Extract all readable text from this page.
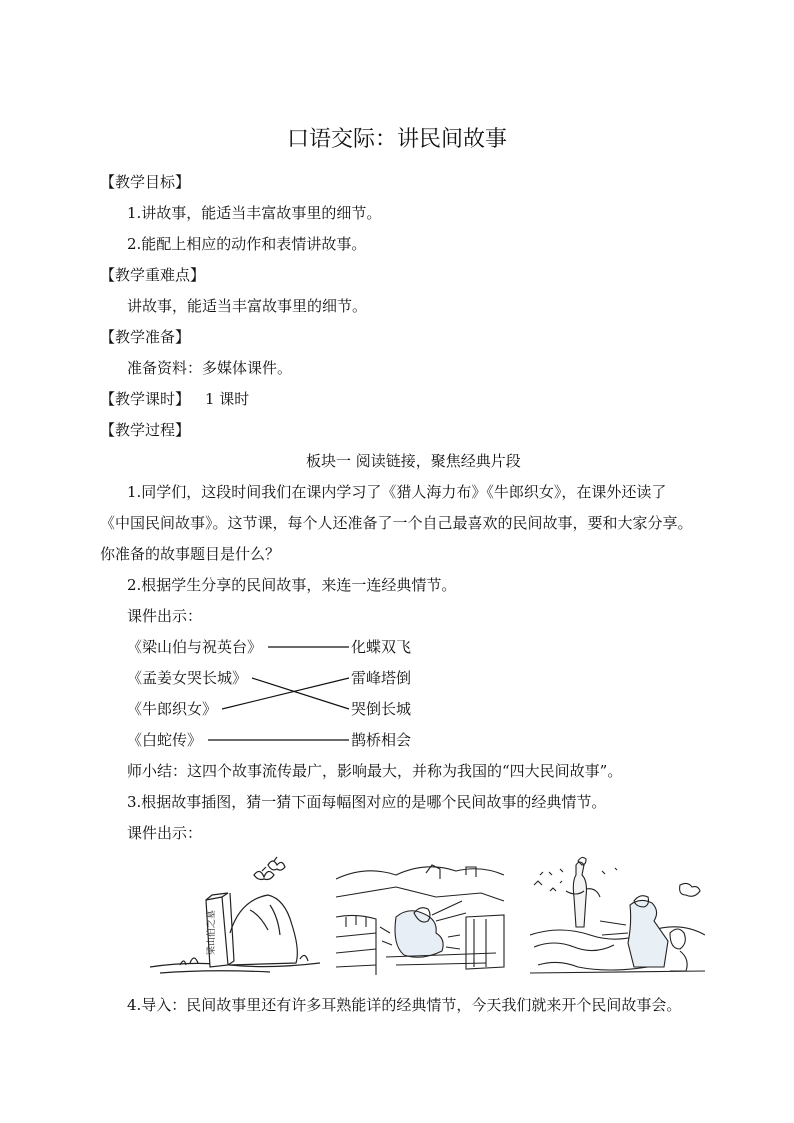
口语交际：讲民间故事
【教学目标】
1.讲故事，能适当丰富故事里的细节。
2.能配上相应的动作和表情讲故事。
【教学重难点】
讲故事，能适当丰富故事里的细节。
【教学准备】
准备资料：多媒体课件。
【教学课时】 1 课时
【教学过程】
板块一 阅读链接，聚焦经典片段
1.同学们，这段时间我们在课内学习了《猎人海力布》《牛郎织女》，在课外还读了
《中国民间故事》。这节课，每个人还准备了一个自己最喜欢的民间故事，要和大家分享。
你准备的故事题目是什么？
2.根据学生分享的民间故事，来连一连经典情节。
课件出示：
《梁山伯与祝英台》
《孟姜女哭长城》
《牛郎织女》
《白蛇传》
化蝶双飞
雷峰塔倒
哭倒长城
鹊桥相会
师小结：这四个故事流传最广，影响最大，并称为我国的“四大民间故事”。
3.根据故事插图，猜一猜下面每幅图对应的是哪个民间故事的经典情节。
课件出示：
梁山伯之墓
4.导入：民间故事里还有许多耳熟能详的经典情节，今天我们就来开个民间故事会。
